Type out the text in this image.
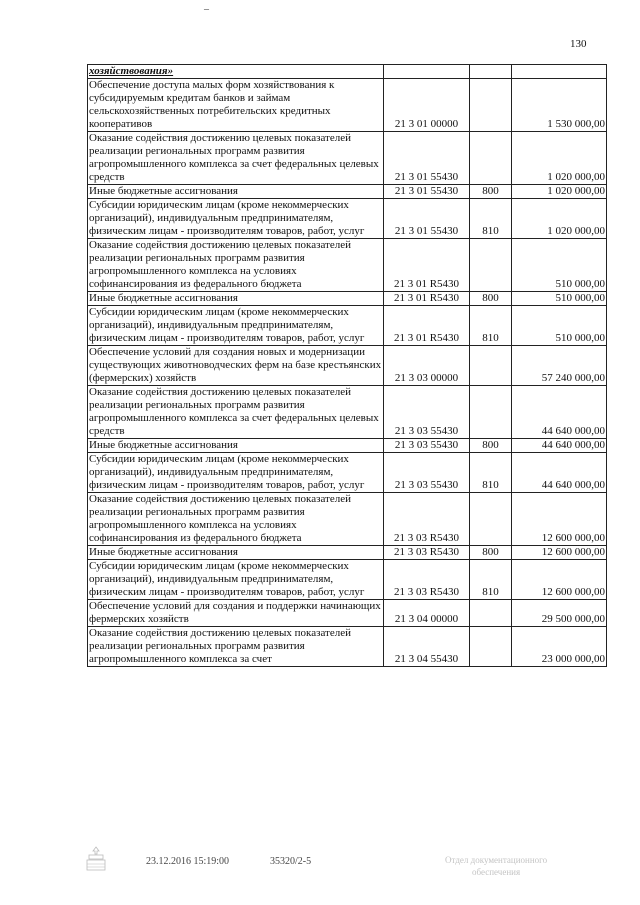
–
130
хозяйствования»			
Обеспечение доступа малых форм хозяйствования к субсидируемым кредитам банков и займам сельскохозяйственных потребительских кредитных кооперативов	21 3 01 00000		1 530 000,00
Оказание содействия достижению целевых показателей реализации региональных программ развития агропромышленного комплекса за счет федеральных целевых средств	21 3 01 55430		1 020 000,00
Иные бюджетные ассигнования	21 3 01 55430	800	1 020 000,00
Субсидии юридическим лицам (кроме некоммерческих организаций), индивидуальным предпринимателям, физическим лицам - производителям товаров, работ, услуг	21 3 01 55430	810	1 020 000,00
Оказание содействия достижению целевых показателей реализации региональных программ развития агропромышленного комплекса на условиях софинансирования из федерального бюджета	21 3 01 R5430		510 000,00
Иные бюджетные ассигнования	21 3 01 R5430	800	510 000,00
Субсидии юридическим лицам (кроме некоммерческих организаций), индивидуальным предпринимателям, физическим лицам - производителям товаров, работ, услуг	21 3 01 R5430	810	510 000,00
Обеспечение условий для создания новых и модернизации существующих животноводческих ферм на базе крестьянских (фермерских) хозяйств	21 3 03 00000		57 240 000,00
Оказание содействия достижению целевых показателей реализации региональных программ развития агропромышленного комплекса за счет федеральных целевых средств	21 3 03 55430		44 640 000,00
Иные бюджетные ассигнования	21 3 03 55430	800	44 640 000,00
Субсидии юридическим лицам (кроме некоммерческих организаций), индивидуальным предпринимателям, физическим лицам - производителям товаров, работ, услуг	21 3 03 55430	810	44 640 000,00
Оказание содействия достижению целевых показателей реализации региональных программ развития агропромышленного комплекса на условиях софинансирования из федерального бюджета	21 3 03 R5430		12 600 000,00
Иные бюджетные ассигнования	21 3 03 R5430	800	12 600 000,00
Субсидии юридическим лицам (кроме некоммерческих организаций), индивидуальным предпринимателям, физическим лицам - производителям товаров, работ, услуг	21 3 03 R5430	810	12 600 000,00
Обеспечение условий для создания и поддержки начинающих фермерских хозяйств	21 3 04 00000		29 500 000,00
Оказание содействия достижению целевых показателей реализации региональных программ развития агропромышленного комплекса за счет	21 3 04 55430		23 000 000,00
23.12.2016 15:19:00	35320/2-5	Отдел документационного
обеспечения
